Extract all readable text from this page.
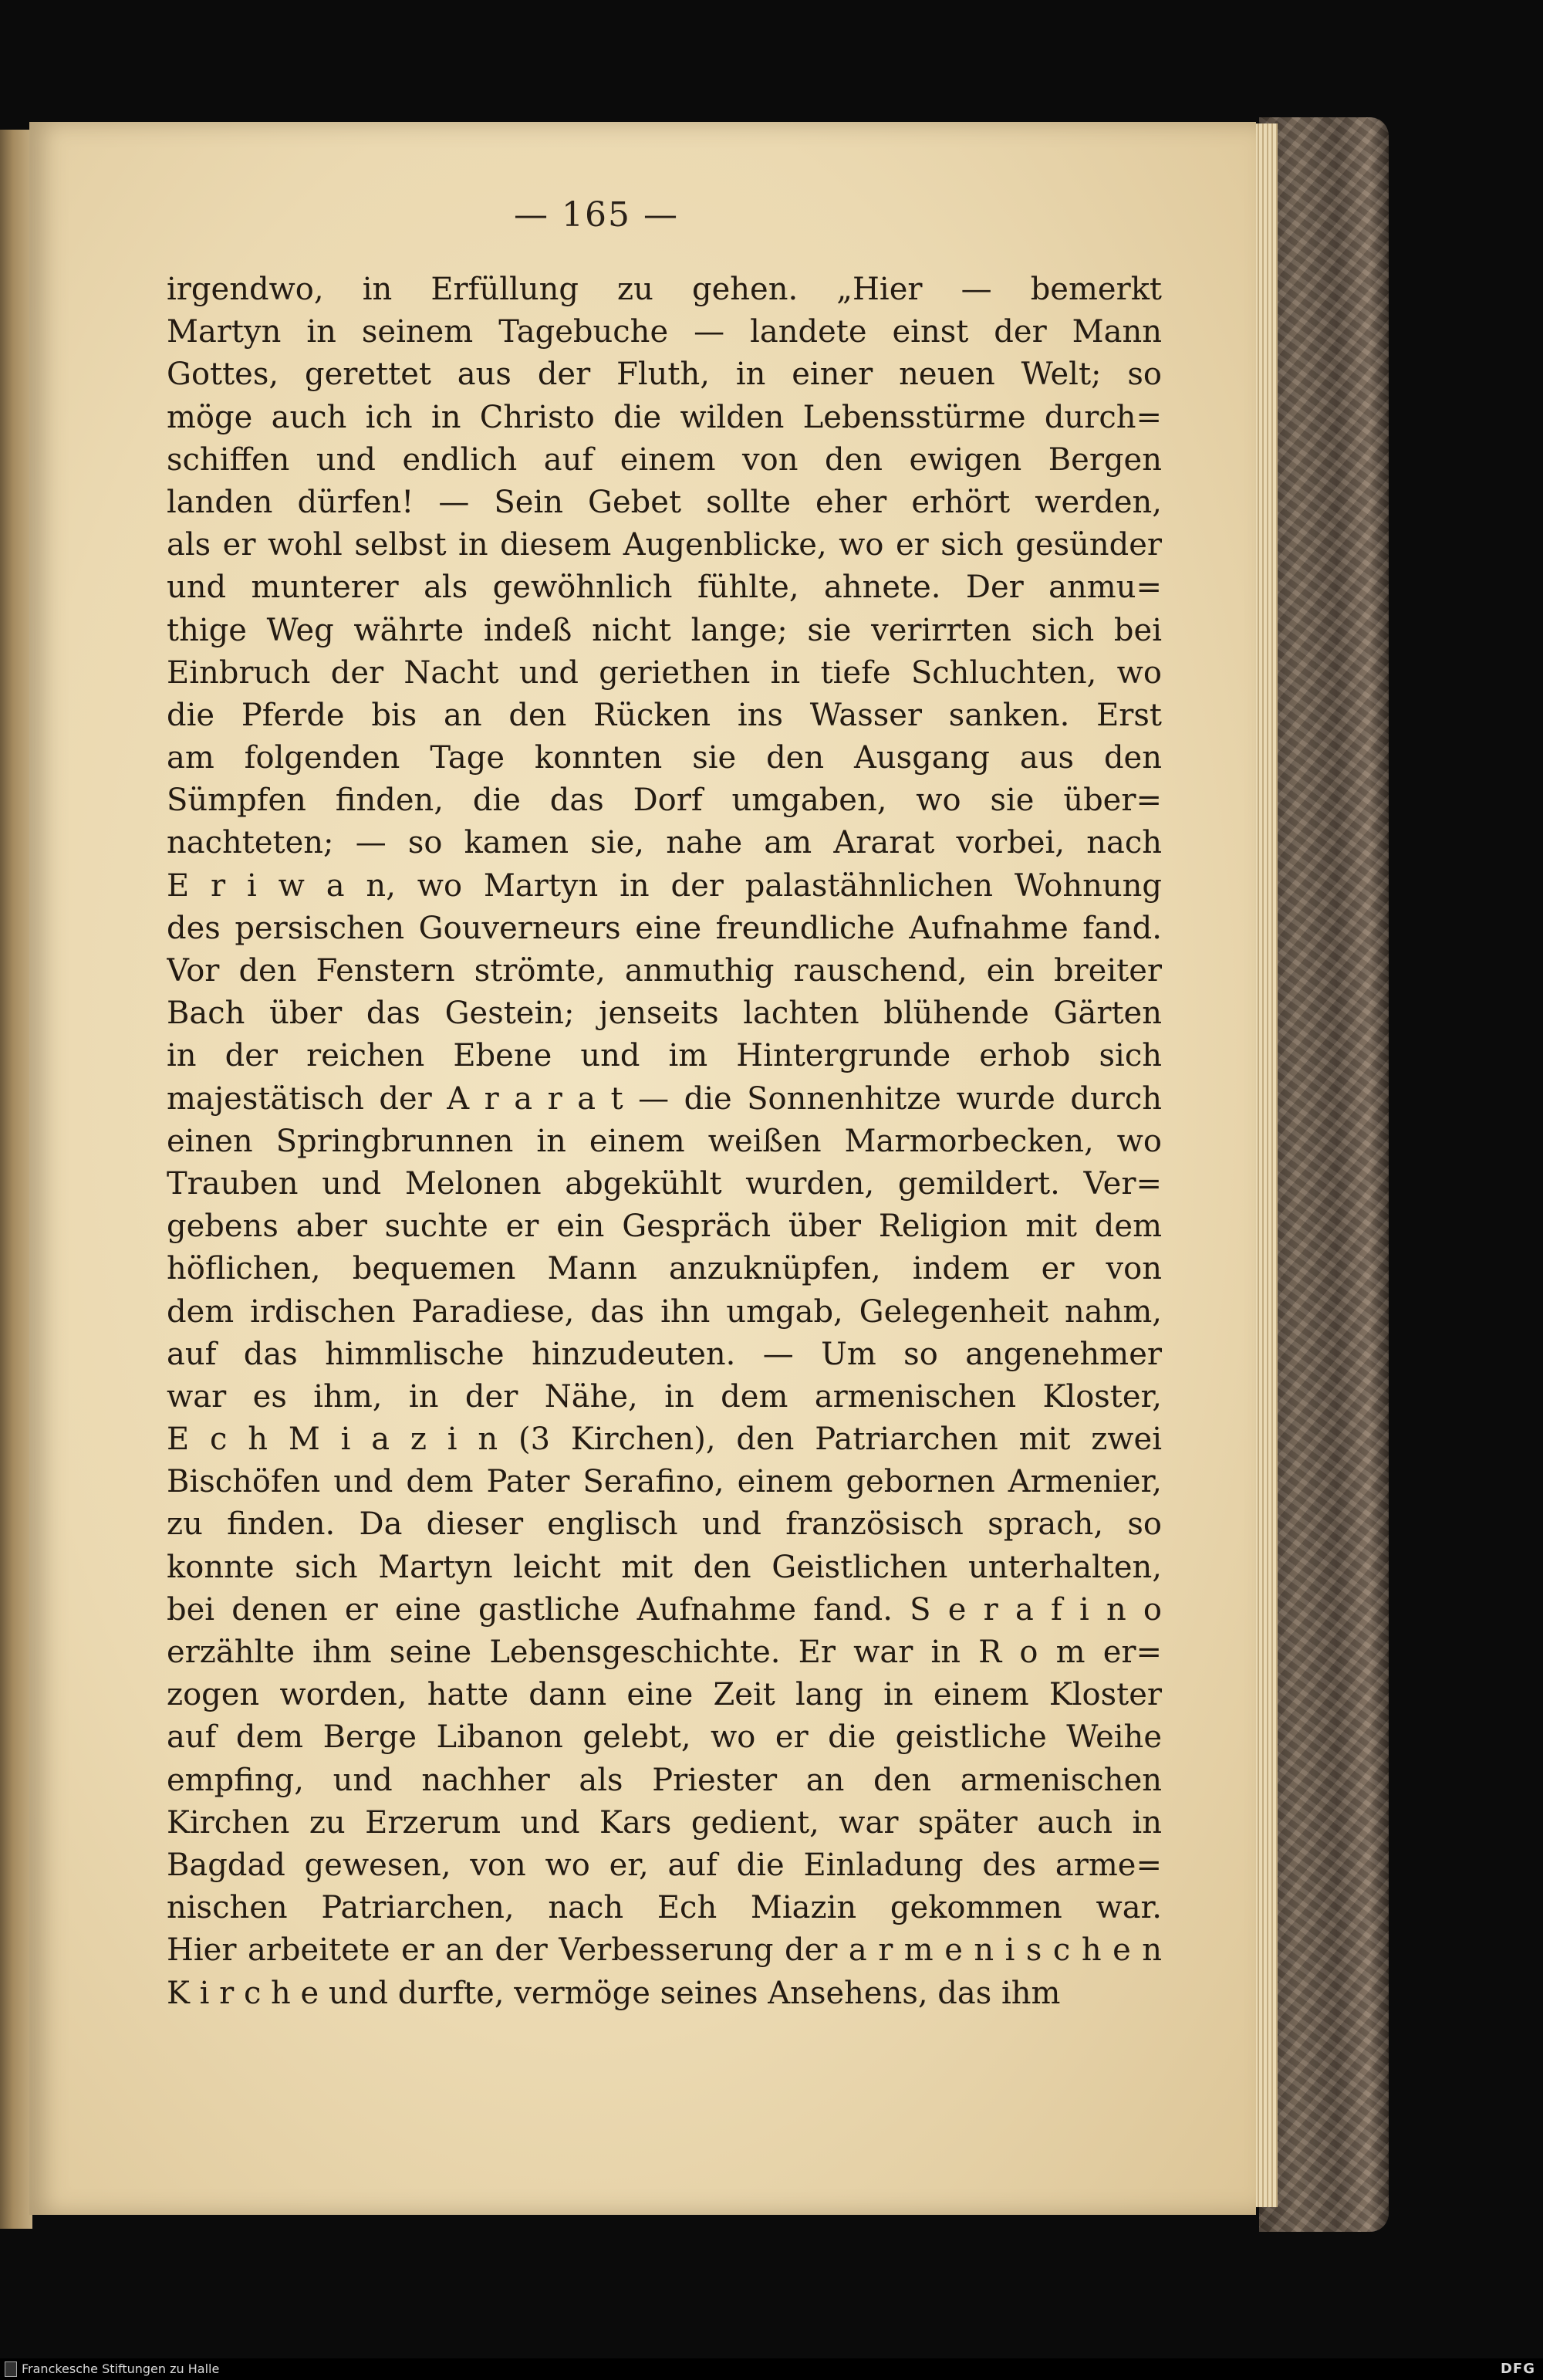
— 165 —
irgendwo, in Erfüllung zu gehen. „Hier — bemerkt
Martyn in seinem Tagebuche — landete einst der Mann
Gottes, gerettet aus der Fluth, in einer neuen Welt; so
möge auch ich in Christo die wilden Lebensstürme durch=
schiffen und endlich auf einem von den ewigen Bergen
landen dürfen! — Sein Gebet sollte eher erhört werden,
als er wohl selbst in diesem Augenblicke, wo er sich gesünder
und munterer als gewöhnlich fühlte, ahnete. Der anmu=
thige Weg währte indeß nicht lange; sie verirrten sich bei
Einbruch der Nacht und geriethen in tiefe Schluchten, wo
die Pferde bis an den Rücken ins Wasser sanken. Erst
am folgenden Tage konnten sie den Ausgang aus den
Sümpfen finden, die das Dorf umgaben, wo sie über=
nachteten; — so kamen sie, nahe am Ararat vorbei, nach
E r i w a n, wo Martyn in der palastähnlichen Wohnung
des persischen Gouverneurs eine freundliche Aufnahme fand.
Vor den Fenstern strömte, anmuthig rauschend, ein breiter
Bach über das Gestein; jenseits lachten blühende Gärten
in der reichen Ebene und im Hintergrunde erhob sich
majestätisch der A r a r a t — die Sonnenhitze wurde durch
einen Springbrunnen in einem weißen Marmorbecken, wo
Trauben und Melonen abgekühlt wurden, gemildert. Ver=
gebens aber suchte er ein Gespräch über Religion mit dem
höflichen, bequemen Mann anzuknüpfen, indem er von
dem irdischen Paradiese, das ihn umgab, Gelegenheit nahm,
auf das himmlische hinzudeuten. — Um so angenehmer
war es ihm, in der Nähe, in dem armenischen Kloster,
E c h M i a z i n (3 Kirchen), den Patriarchen mit zwei
Bischöfen und dem Pater Serafino, einem gebornen Armenier,
zu finden. Da dieser englisch und französisch sprach, so
konnte sich Martyn leicht mit den Geistlichen unterhalten,
bei denen er eine gastliche Aufnahme fand. S e r a f i n o
erzählte ihm seine Lebensgeschichte. Er war in R o m er=
zogen worden, hatte dann eine Zeit lang in einem Kloster
auf dem Berge Libanon gelebt, wo er die geistliche Weihe
empfing, und nachher als Priester an den armenischen
Kirchen zu Erzerum und Kars gedient, war später auch in
Bagdad gewesen, von wo er, auf die Einladung des arme=
nischen Patriarchen, nach Ech Miazin gekommen war.
Hier arbeitete er an der Verbesserung der a r m e n i s c h e n
K i r c h e und durfte, vermöge seines Ansehens, das ihm
Franckesche Stiftungen zu Halle	DFG
